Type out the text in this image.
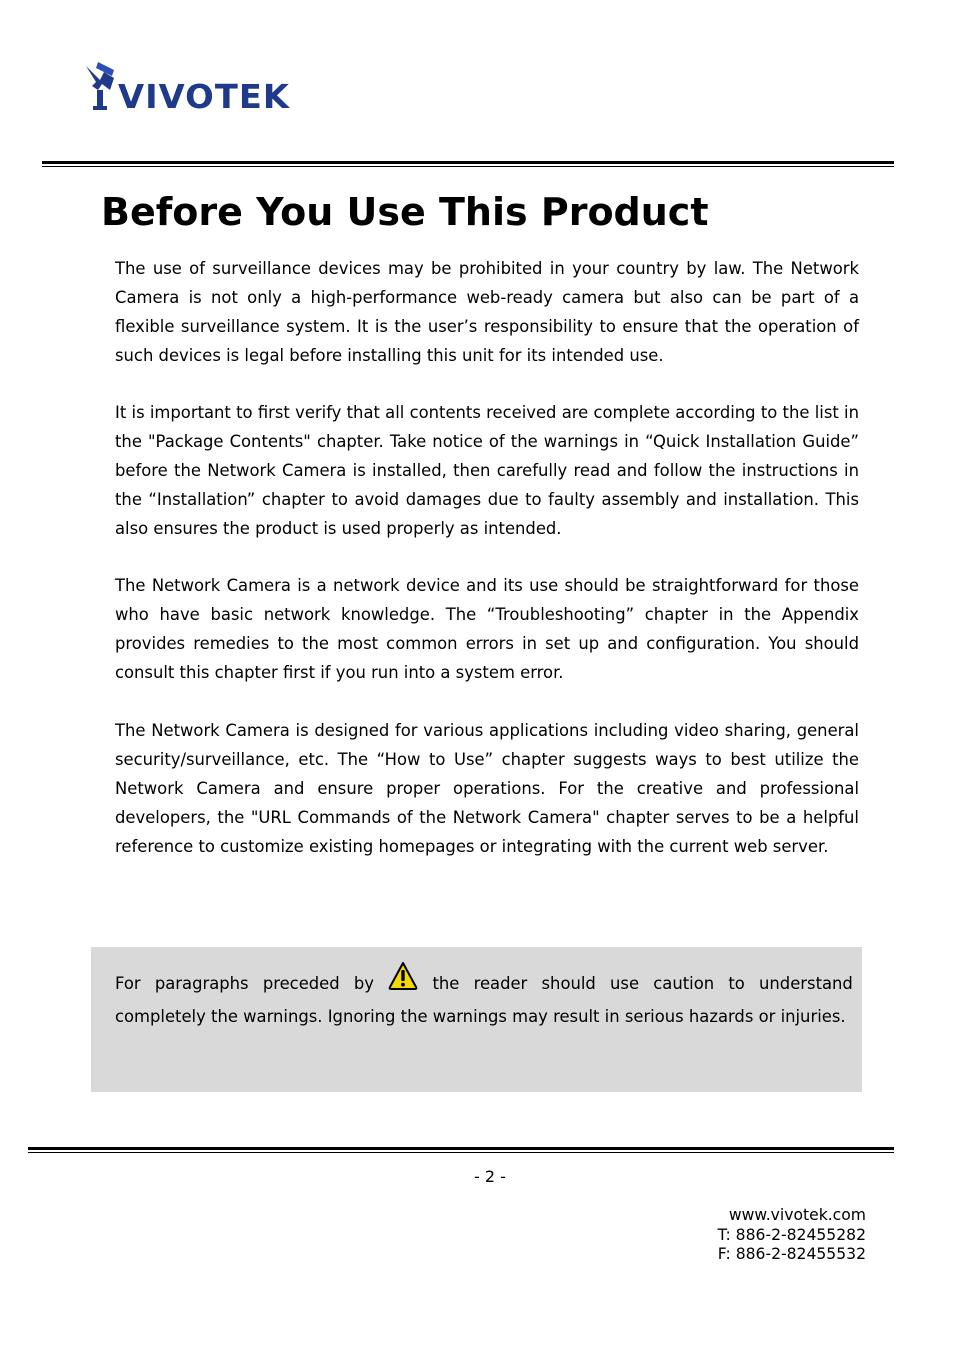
VIVOTEK
Before You Use This Product

The use of surveillance devices may be prohibited in your country by law. The Network Camera is not only a high-performance web-ready camera but also can be part of a flexible surveillance system. It is the user’s responsibility to ensure that the operation of such devices is legal before installing this unit for its intended use.

It is important to first verify that all contents received are complete according to the list in the "Package Contents" chapter. Take notice of the warnings in “Quick Installation Guide” before the Network Camera is installed, then carefully read and follow the instructions in the “Installation” chapter to avoid damages due to faulty assembly and installation. This also ensures the product is used properly as intended.

The Network Camera is a network device and its use should be straightforward for those who have basic network knowledge. The “Troubleshooting” chapter in the Appendix provides remedies to the most common errors in set up and configuration. You should consult this chapter first if you run into a system error.

The Network Camera is designed for various applications including video sharing, general security/surveillance, etc. The “How to Use” chapter suggests ways to best utilize the Network Camera and ensure proper operations. For the creative and professional developers, the "URL Commands of the Network Camera" chapter serves to be a helpful reference to customize existing homepages or integrating with the current web server.

For paragraphs preceded by	the reader should use caution to understand
completely the warnings. Ignoring the warnings may result in serious hazards or injuries.
- 2 -
www.vivotek.com
T: 886-2-82455282
F: 886-2-82455532
